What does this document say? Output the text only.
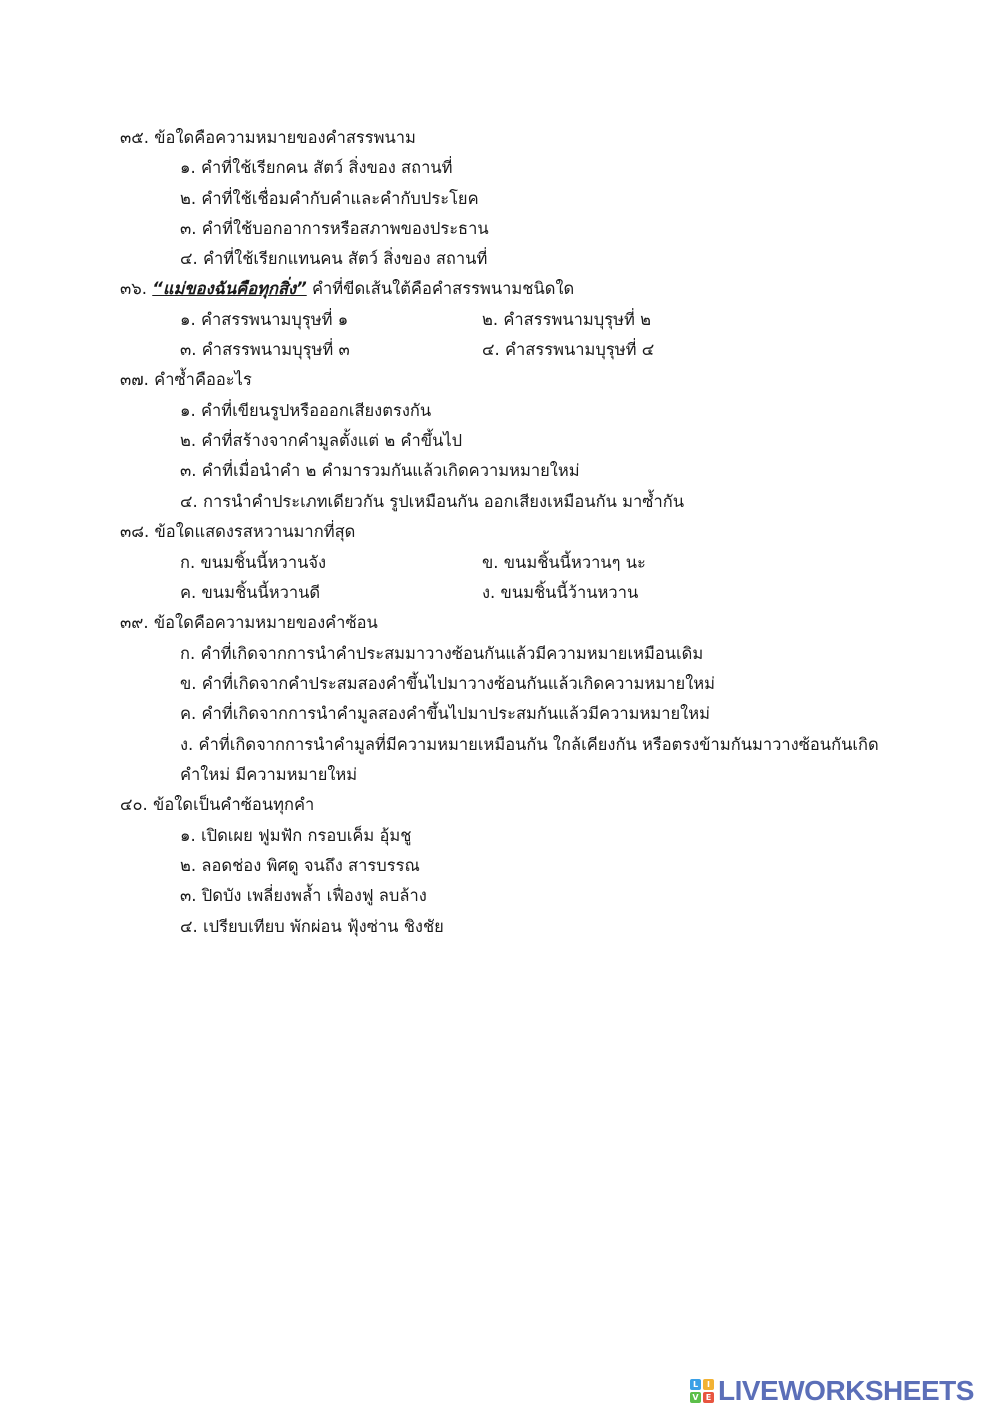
๓๕. ข้อใดคือความหมายของคำสรรพนาม
๑. คำที่ใช้เรียกคน สัตว์ สิ่งของ สถานที่
๒. คำที่ใช้เชื่อมคำกับคำและคำกับประโยค
๓. คำที่ใช้บอกอาการหรือสภาพของประธาน
๔. คำที่ใช้เรียกแทนคน สัตว์ สิ่งของ สถานที่
๓๖. “แม่ของฉันคือทุกสิ่ง” คำที่ขีดเส้นใต้คือคำสรรพนามชนิดใด
๑. คำสรรพนามบุรุษที่ ๑	๒. คำสรรพนามบุรุษที่ ๒
๓. คำสรรพนามบุรุษที่ ๓	๔. คำสรรพนามบุรุษที่ ๔
๓๗. คำซ้ำคืออะไร
๑. คำที่เขียนรูปหรือออกเสียงตรงกัน
๒. คำที่สร้างจากคำมูลตั้งแต่ ๒ คำขึ้นไป
๓. คำที่เมื่อนำคำ ๒ คำมารวมกันแล้วเกิดความหมายใหม่
๔. การนำคำประเภทเดียวกัน รูปเหมือนกัน ออกเสียงเหมือนกัน มาซ้ำกัน
๓๘. ข้อใดแสดงรสหวานมากที่สุด
ก. ขนมชิ้นนี้หวานจัง	ข. ขนมชิ้นนี้หวานๆ นะ
ค. ขนมชิ้นนี้หวานดี	ง. ขนมชิ้นนี้ว้านหวาน
๓๙. ข้อใดคือความหมายของคำซ้อน
ก. คำที่เกิดจากการนำคำประสมมาวางซ้อนกันแล้วมีความหมายเหมือนเดิม
ข. คำที่เกิดจากคำประสมสองคำขึ้นไปมาวางซ้อนกันแล้วเกิดความหมายใหม่
ค. คำที่เกิดจากการนำคำมูลสองคำขึ้นไปมาประสมกันแล้วมีความหมายใหม่
ง. คำที่เกิดจากการนำคำมูลที่มีความหมายเหมือนกัน ใกล้เคียงกัน หรือตรงข้ามกันมาวางซ้อนกันเกิด
คำใหม่ มีความหมายใหม่
๔๐. ข้อใดเป็นคำซ้อนทุกคำ
๑. เปิดเผย ฟูมฟัก กรอบเค็ม อุ้มชู
๒. ลอดช่อง พิศดู จนถึง สารบรรณ
๓. ปิดบัง เพลี่ยงพล้ำ เฟื่องฟู ลบล้าง
๔. เปรียบเทียบ พักผ่อน ฟุ้งซ่าน ชิงชัย
L	I
V E LIVEWORKSHEETS
